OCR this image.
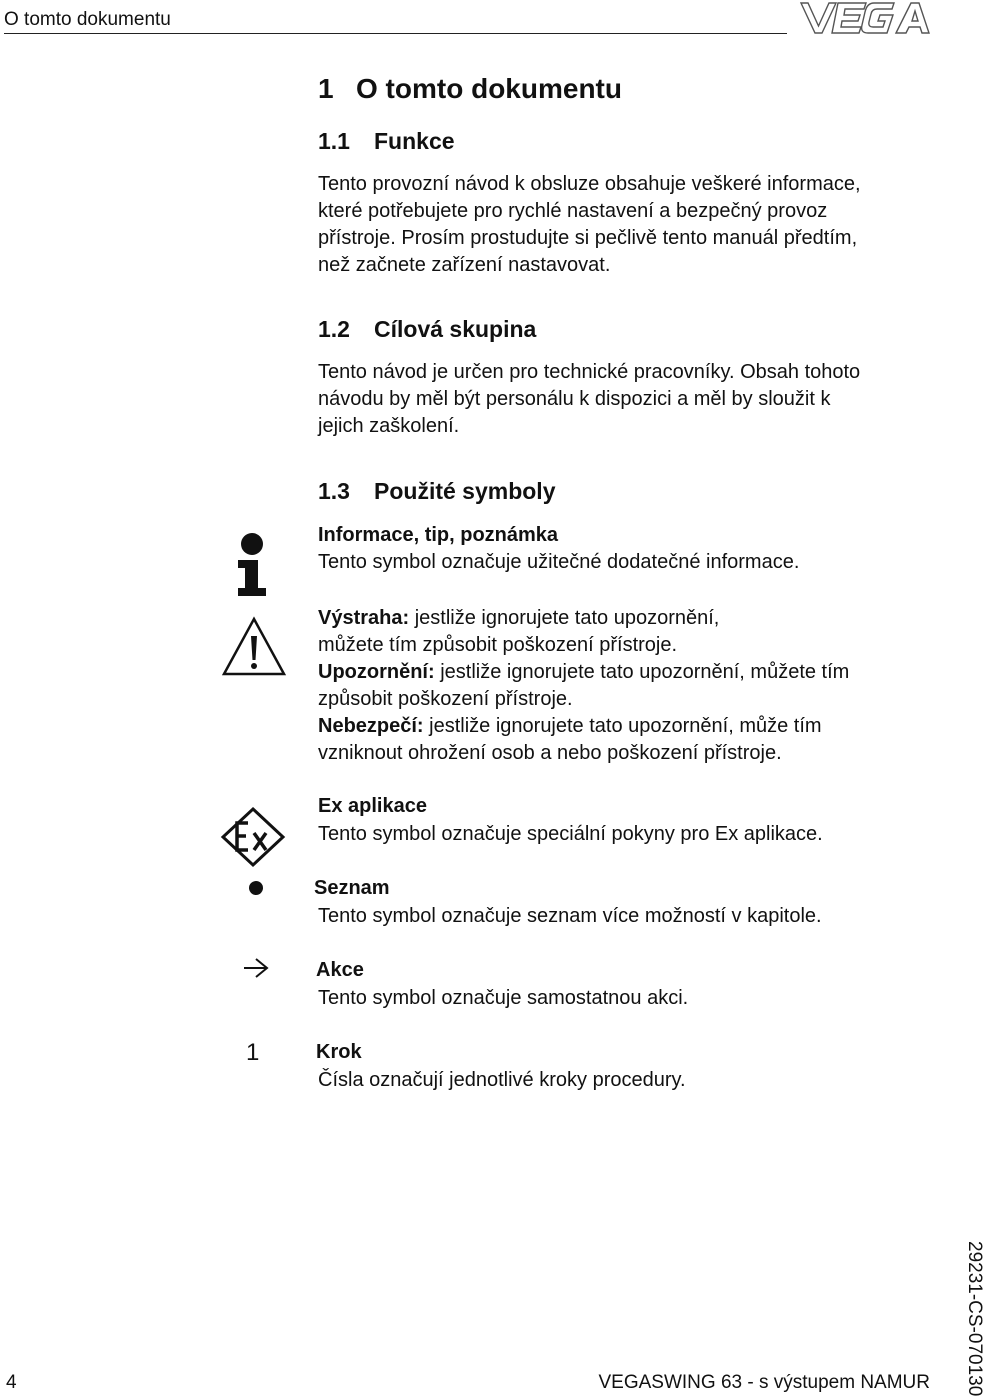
O tomto dokumentu
1 O tomto dokumentu
1.1 Funkce
Tento provozní návod k obsluze obsahuje veškeré informace,
které potřebujete pro rychlé nastavení a bezpečný provoz
přístroje. Prosím prostudujte si pečlivě tento manuál předtím,
než začnete zařízení nastavovat.
1.2 Cílová skupina
Tento návod je určen pro technické pracovníky. Obsah tohoto
návodu by měl být personálu k dispozici a měl by sloužit k
jejich zaškolení.
1.3 Použité symboly
Informace, tip, poznámka
Tento symbol označuje užitečné dodatečné informace.
Výstraha: jestliže ignorujete tato upozornění,
můžete tím způsobit poškození přístroje.
Upozornění: jestliže ignorujete tato upozornění, můžete tím
způsobit poškození přístroje.
Nebezpečí: jestliže ignorujete tato upozornění, může tím
vzniknout ohrožení osob a nebo poškození přístroje.
Ex aplikace
Tento symbol označuje speciální pokyny pro Ex aplikace.
Seznam
Tento symbol označuje seznam více možností v kapitole.
Akce
Tento symbol označuje samostatnou akci.
1	Krok
Čísla označují jednotlivé kroky procedury.
29231-CS-070130
4	VEGASWING 63 - s výstupem NAMUR
